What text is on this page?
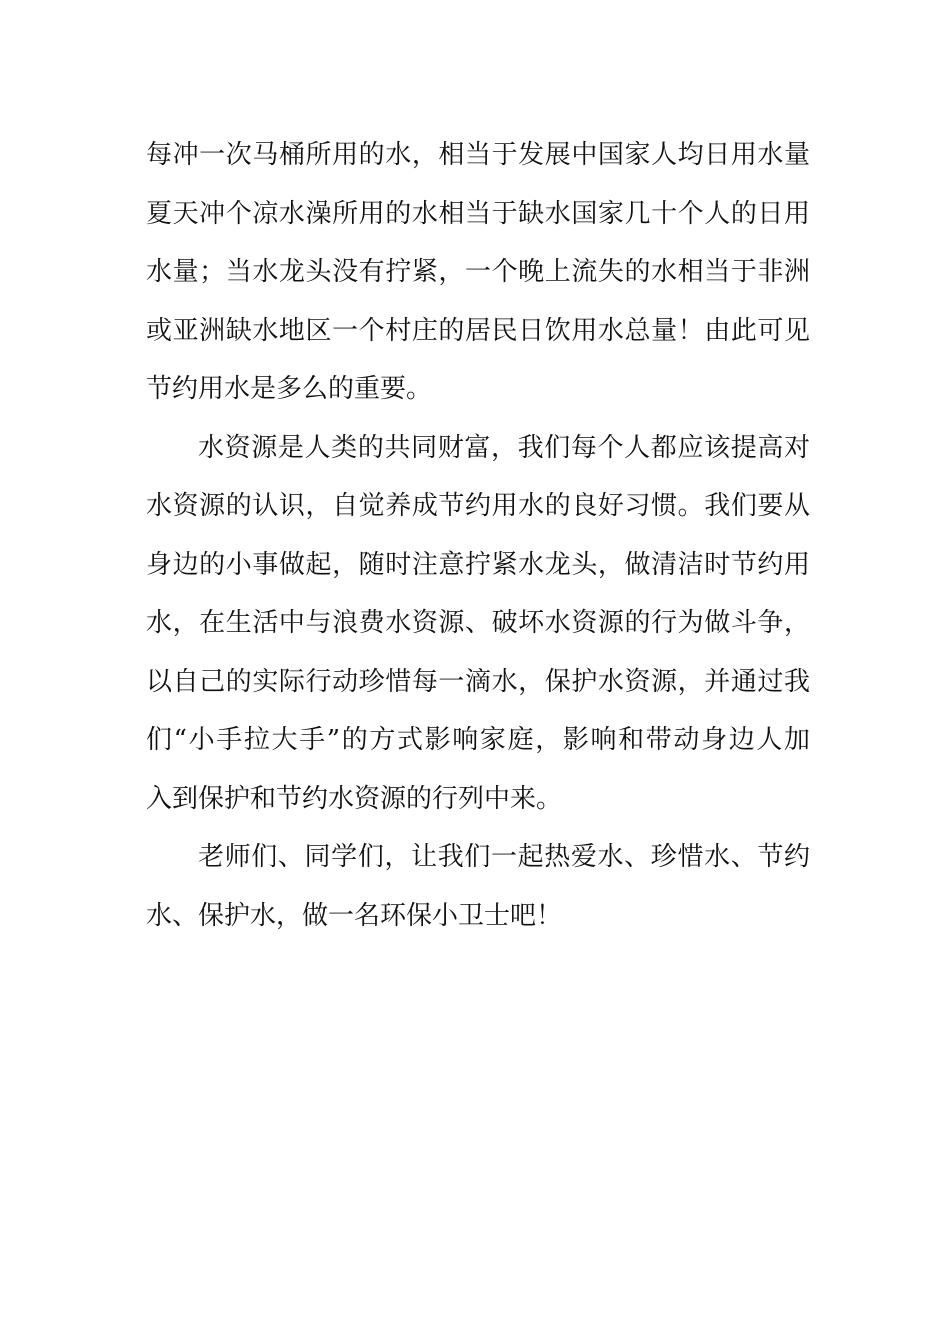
每冲一次马桶所用的水，相当于发展中国家人均日用水量
夏天冲个凉水澡所用的水相当于缺水国家几十个人的日用
水量；当水龙头没有拧紧，一个晚上流失的水相当于非洲
或亚洲缺水地区一个村庄的居民日饮用水总量！由此可见
节约用水是多么的重要。
水资源是人类的共同财富，我们每个人都应该提高对
水资源的认识，自觉养成节约用水的良好习惯。我们要从
身边的小事做起，随时注意拧紧水龙头，做清洁时节约用
水，在生活中与浪费水资源、破坏水资源的行为做斗争，
以自己的实际行动珍惜每一滴水，保护水资源，并通过我
们“小手拉大手”的方式影响家庭，影响和带动身边人加
入到保护和节约水资源的行列中来。
老师们、同学们，让我们一起热爱水、珍惜水、节约
水、保护水，做一名环保小卫士吧！
